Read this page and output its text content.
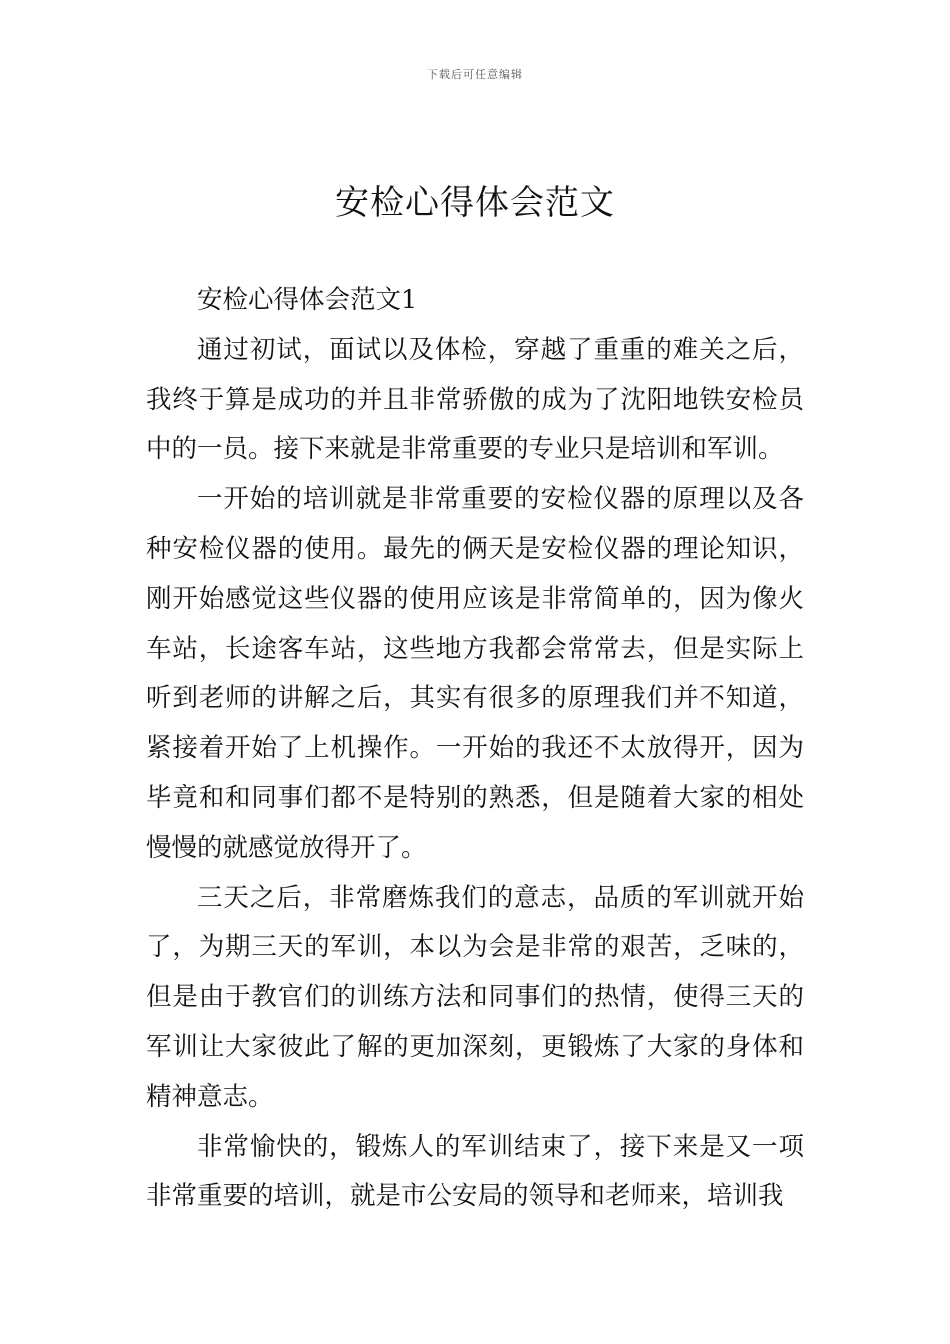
下载后可任意编辑
安检心得体会范文

安检心得体会范文1

通过初试，面试以及体检，穿越了重重的难关之后，我终于算是成功的并且非常骄傲的成为了沈阳地铁安检员中的一员。接下来就是非常重要的专业只是培训和军训。

一开始的培训就是非常重要的安检仪器的原理以及各种安检仪器的使用。最先的俩天是安检仪器的理论知识，刚开始感觉这些仪器的使用应该是非常简单的，因为像火车站，长途客车站，这些地方我都会常常去，但是实际上听到老师的讲解之后，其实有很多的原理我们并不知道，紧接着开始了上机操作。一开始的我还不太放得开，因为毕竟和和同事们都不是特别的熟悉，但是随着大家的相处慢慢的就感觉放得开了。

三天之后，非常磨炼我们的意志，品质的军训就开始了，为期三天的军训，本以为会是非常的艰苦，乏味的，但是由于教官们的训练方法和同事们的热情，使得三天的军训让大家彼此了解的更加深刻，更锻炼了大家的身体和精神意志。

非常愉快的，锻炼人的军训结束了，接下来是又一项非常重要的培训，就是市公安局的领导和老师来，培训我
